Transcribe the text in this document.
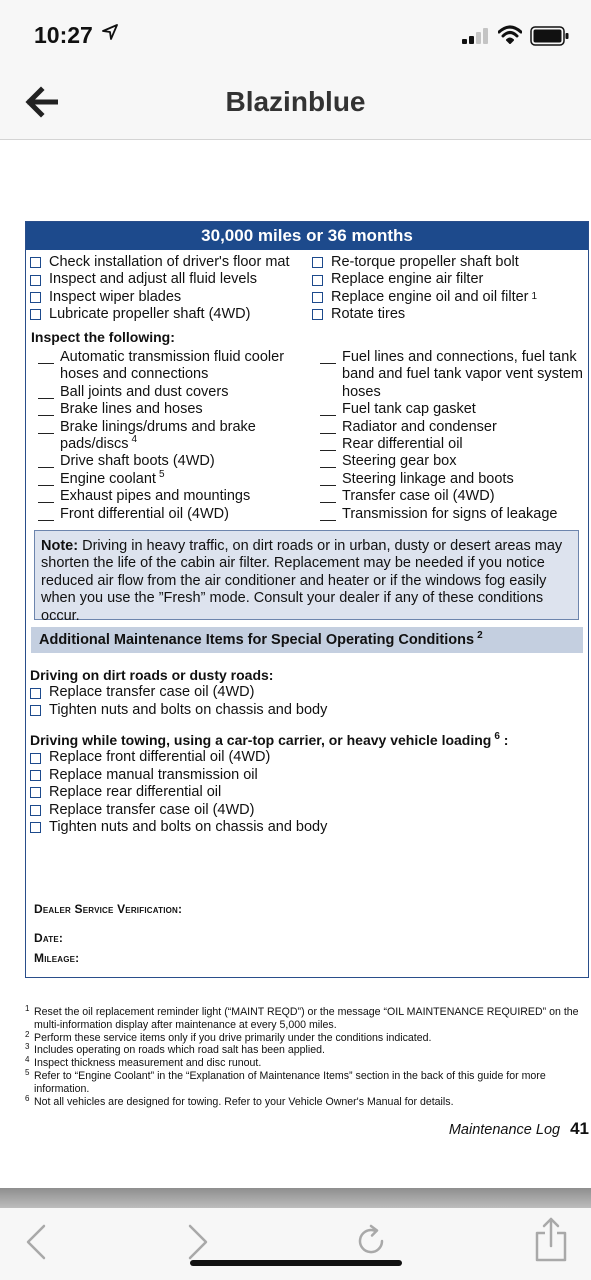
10:27
Blazinblue
30,000 miles or 36 months
Check installation of driver's floor mat
Inspect and adjust all fluid levels
Inspect wiper blades
Lubricate propeller shaft (4WD)
Re-torque propeller shaft bolt
Replace engine air filter
Replace engine oil and oil filter 1
Rotate tires
Inspect the following:
Automatic transmission fluid cooler hoses and connections
Ball joints and dust covers
Brake lines and hoses
Brake linings/drums and brake pads/discs $^4$
Drive shaft boots (4WD)
Engine coolant $^5$
Exhaust pipes and mountings
Front differential oil (4WD)
Fuel lines and connections, fuel tank band and fuel tank vapor vent system hoses
Fuel tank cap gasket
Radiator and condenser
Rear differential oil
Steering gear box
Steering linkage and boots
Transfer case oil (4WD)
Transmission for signs of leakage
Note: Driving in heavy traffic, on dirt roads or in urban, dusty or desert areas may shorten the life of the cabin air filter. Replacement may be needed if you notice reduced air flow from the air conditioner and heater or if the windows fog easily when you use the ”Fresh” mode. Consult your dealer if any of these conditions occur.
Additional Maintenance Items for Special Operating Conditions $^2$
Driving on dirt roads or dusty roads:
Replace transfer case oil (4WD)
Tighten nuts and bolts on chassis and body
Driving while towing, using a car-top carrier, or heavy vehicle loading $^6$ :
Replace front differential oil (4WD)
Replace manual transmission oil
Replace rear differential oil
Replace transfer case oil (4WD)
Tighten nuts and bolts on chassis and body
Dealer Service Verification:
Date:
Mileage:
1 Reset the oil replacement reminder light (“MAINT REQD”) or the message “OIL MAINTENANCE REQUIRED” on the multi-information display after maintenance at every 5,000 miles.
2 Perform these service items only if you drive primarily under the conditions indicated.
3 Includes operating on roads which road salt has been applied.
4 Inspect thickness measurement and disc runout.
5 Refer to “Engine Coolant” in the “Explanation of Maintenance Items” section in the back of this guide for more information.
6 Not all vehicles are designed for towing. Refer to your Vehicle Owner's Manual for details.
Maintenance Log 41
